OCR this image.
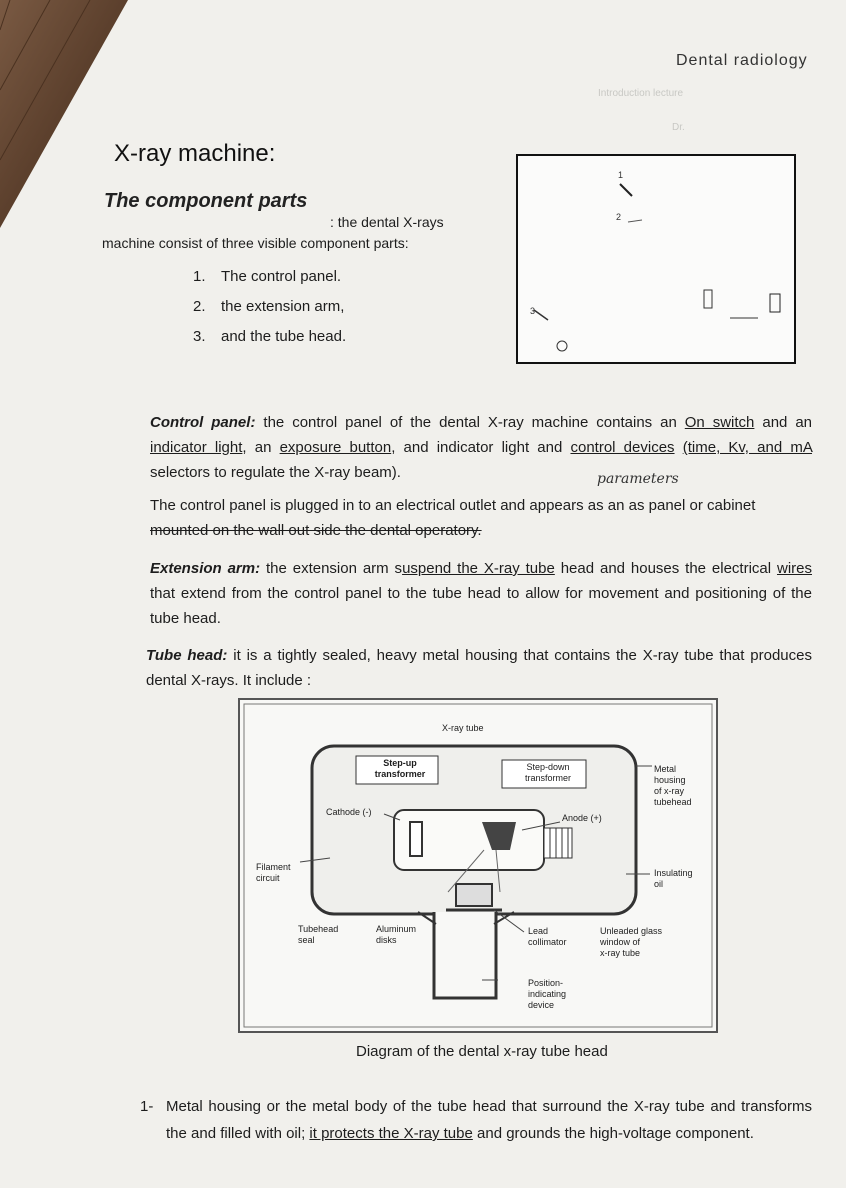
Dental radiology
Introduction lecture
Dr.
X-ray machine:
The component parts
: the dental X-rays
machine consist of three visible component parts:
1. The control panel.
2. the extension arm,
3. and the tube head.
1
2
3
Control panel: the control panel of the dental X-ray machine contains an On switch and an indicator light, an exposure button, and indicator light and control devices (time, Kv, and mA selectors to regulate the X-ray beam).	parameters
The control panel is plugged in to an electrical outlet and appears as an as panel or cabinet
mounted on the wall out side the dental operatory.
Extension arm: the extension arm suspend the X-ray tube head and houses the electrical wires that extend from the control panel to the tube head to allow for movement and positioning of the tube head.
Tube head: it is a tightly sealed, heavy metal housing that contains the X-ray tube that produces dental X-rays. It include :
X-ray tube
Step-up
transformer
Step-down
transformer
Metal
housing
of x-ray
tubehead
Cathode (-)
Anode (+)
Filament
circuit	Insulating
oil
Tubehead
seal
Aluminum
disks
Lead
collimator
Unleaded glass
window of
x-ray tube
Position-
indicating
device
Diagram of the dental x-ray tube head
1- Metal housing or the metal body of the tube head that surround the X-ray tube and transforms the and filled with oil; it protects the X-ray tube and grounds the high-voltage component.
